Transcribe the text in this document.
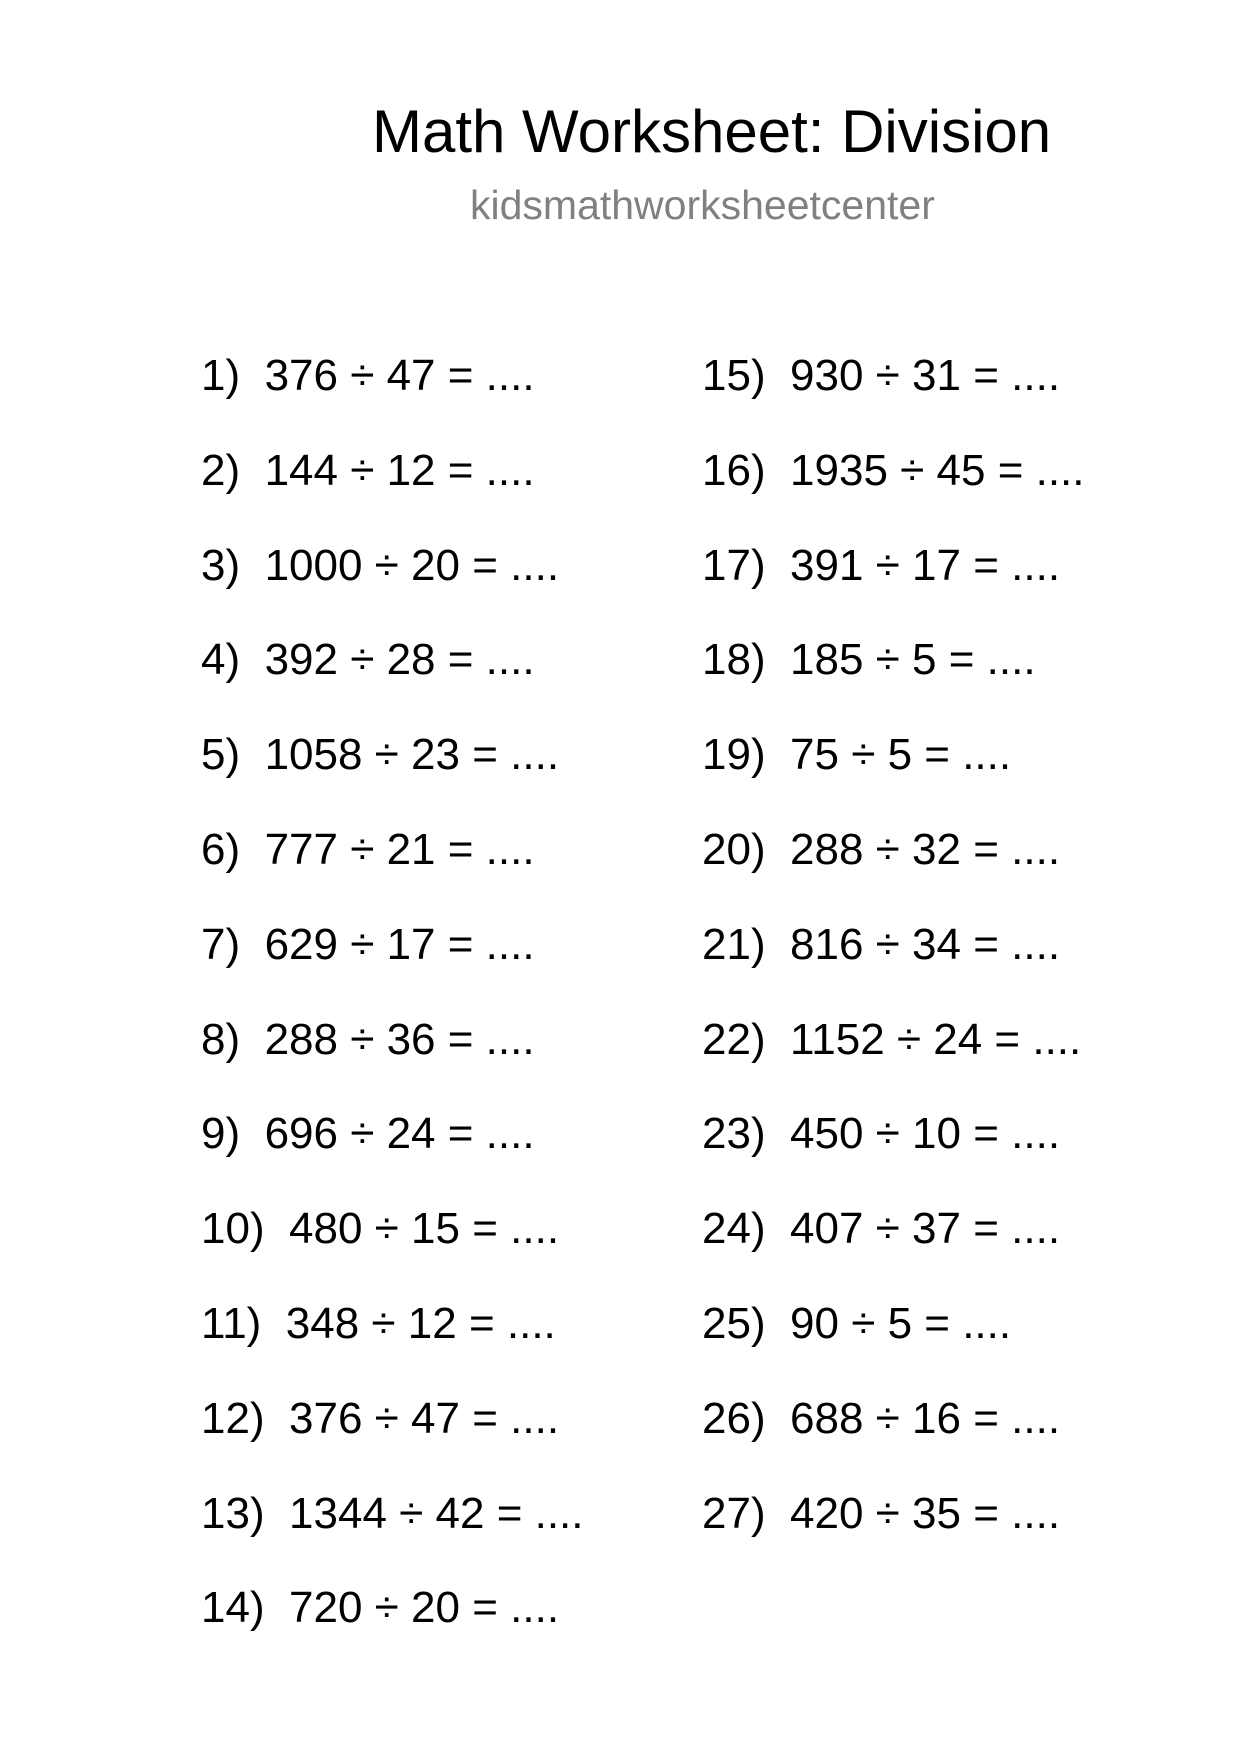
Math Worksheet: Division
kidsmathworksheetcenter
1)  376 ÷ 47 = ....
2)  144 ÷ 12 = ....
3)  1000 ÷ 20 = ....
4)  392 ÷ 28 = ....
5)  1058 ÷ 23 = ....
6)  777 ÷ 21 = ....
7)  629 ÷ 17 = ....
8)  288 ÷ 36 = ....
9)  696 ÷ 24 = ....
10)  480 ÷ 15 = ....
11)  348 ÷ 12 = ....
12)  376 ÷ 47 = ....
13)  1344 ÷ 42 = ....
14)  720 ÷ 20 = ....
15)  930 ÷ 31 = ....
16)  1935 ÷ 45 = ....
17)  391 ÷ 17 = ....
18)  185 ÷ 5 = ....
19)  75 ÷ 5 = ....
20)  288 ÷ 32 = ....
21)  816 ÷ 34 = ....
22)  1152 ÷ 24 = ....
23)  450 ÷ 10 = ....
24)  407 ÷ 37 = ....
25)  90 ÷ 5 = ....
26)  688 ÷ 16 = ....
27)  420 ÷ 35 = ....
